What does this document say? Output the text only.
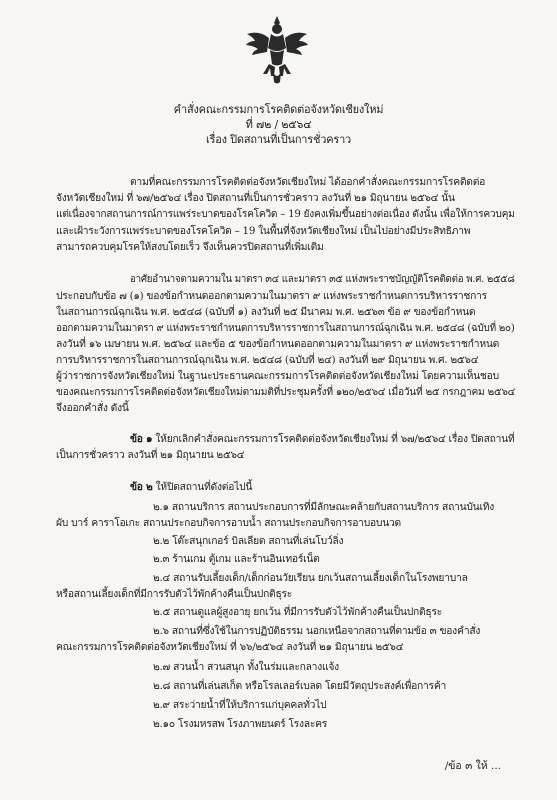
คำสั่งคณะกรรมการโรคติดต่อจังหวัดเชียงใหม่
ที่ ๗๒ / ๒๕๖๔
เรื่อง ปิดสถานที่เป็นการชั่วคราว
ตามที่คณะกรรมการโรคติดต่อจังหวัดเชียงใหม่ ได้ออกคำสั่งคณะกรรมการโรคติดต่อ
จังหวัดเชียงใหม่ ที่ ๖๗/๒๕๖๔ เรื่อง ปิดสถานที่เป็นการชั่วคราว ลงวันที่ ๒๑ มิถุนายน ๒๕๖๔ นั้น
แต่เนื่องจากสถานการณ์การแพร่ระบาดของโรคโควิด – 19 ยังคงเพิ่มขึ้นอย่างต่อเนื่อง ดังนั้น เพื่อให้การควบคุม
และเฝ้าระวังการแพร่ระบาดของโรคโควิด – 19 ในพื้นที่จังหวัดเชียงใหม่ เป็นไปอย่างมีประสิทธิภาพ
สามารถควบคุมโรคให้สงบโดยเร็ว จึงเห็นควรปิดสถานที่เพิ่มเติม
อาศัยอำนาจตามความใน มาตรา ๓๔ และมาตรา ๓๕ แห่งพระราชบัญญัติโรคติดต่อ พ.ศ. ๒๕๕๘
ประกอบกับข้อ ๗ (๑) ของข้อกำหนดออกตามความในมาตรา ๙ แห่งพระราชกำหนดการบริหารราชการ
ในสถานการณ์ฉุกเฉิน พ.ศ. ๒๕๔๘ (ฉบับที่ ๑) ลงวันที่ ๒๕ มีนาคม พ.ศ. ๒๕๖๓ ข้อ ๙ ของข้อกำหนด
ออกตามความในมาตรา ๙ แห่งพระราชกำหนดการบริหารราชการในสถานการณ์ฉุกเฉิน พ.ศ. ๒๕๔๘ (ฉบับที่ ๒๐)
ลงวันที่ ๑๖ เมษายน พ.ศ. ๒๕๖๔ และข้อ ๕ ของข้อกำหนดออกตามความในมาตรา ๙ แห่งพระราชกำหนด
การบริหารราชการในสถานการณ์ฉุกเฉิน พ.ศ. ๒๕๔๘ (ฉบับที่ ๒๔) ลงวันที่ ๒๙ มิถุนายน พ.ศ. ๒๕๖๔
ผู้ว่าราชการจังหวัดเชียงใหม่ ในฐานะประธานคณะกรรมการโรคติดต่อจังหวัดเชียงใหม่ โดยความเห็นชอบ
ของคณะกรรมการโรคติดต่อจังหวัดเชียงใหม่ตามมติที่ประชุมครั้งที่ ๑๒๐/๒๕๖๔ เมื่อวันที่ ๒๕ กรกฎาคม ๒๕๖๔
จึงออกคำสั่ง ดังนี้
ข้อ ๑ ให้ยกเลิกคำสั่งคณะกรรมการโรคติดต่อจังหวัดเชียงใหม่ ที่ ๖๗/๒๕๖๔ เรื่อง ปิดสถานที่
เป็นการชั่วคราว ลงวันที่ ๒๑ มิถุนายน ๒๕๖๔
ข้อ ๒ ให้ปิดสถานที่ดังต่อไปนี้
๒.๑ สถานบริการ สถานประกอบการที่มีลักษณะคล้ายกับสถานบริการ สถานบันเทิง
ผับ บาร์ คาราโอเกะ สถานประกอบกิจการอาบน้ำ สถานประกอบกิจการอาบอบนวด
๒.๒ โต๊ะสนุกเกอร์ บิลเลียด สถานที่เล่นโบว์ลิ่ง
๒.๓ ร้านเกม ตู้เกม และร้านอินเทอร์เน็ต
๒.๔ สถานรับเลี้ยงเด็ก/เด็กก่อนวัยเรียน ยกเว้นสถานเลี้ยงเด็กในโรงพยาบาล
หรือสถานเลี้ยงเด็กที่มีการรับตัวไว้พักค้างคืนเป็นปกติธุระ
๒.๕ สถานดูแลผู้สูงอายุ ยกเว้น ที่มีการรับตัวไว้พักค้างคืนเป็นปกติธุระ
๒.๖ สถานที่ซึ่งใช้ในการปฏิบัติธรรม นอกเหนือจากสถานที่ตามข้อ ๓ ของคำสั่ง
คณะกรรมการโรคติดต่อจังหวัดเชียงใหม่ ที่ ๖๖/๒๕๖๔ ลงวันที่ ๒๑ มิถุนายน ๒๕๖๔
๒.๗ สวนน้ำ สวนสนุก ทั้งในร่มและกลางแจ้ง
๒.๘ สถานที่เล่นสเก็ต หรือโรลเลอร์เบลด โดยมีวัตถุประสงค์เพื่อการค้า
๒.๙ สระว่ายน้ำที่ให้บริการแก่บุคคลทั่วไป
๒.๑๐ โรงมหรสพ โรงภาพยนตร์ โรงละคร
/ข้อ ๓ ให้ ...
